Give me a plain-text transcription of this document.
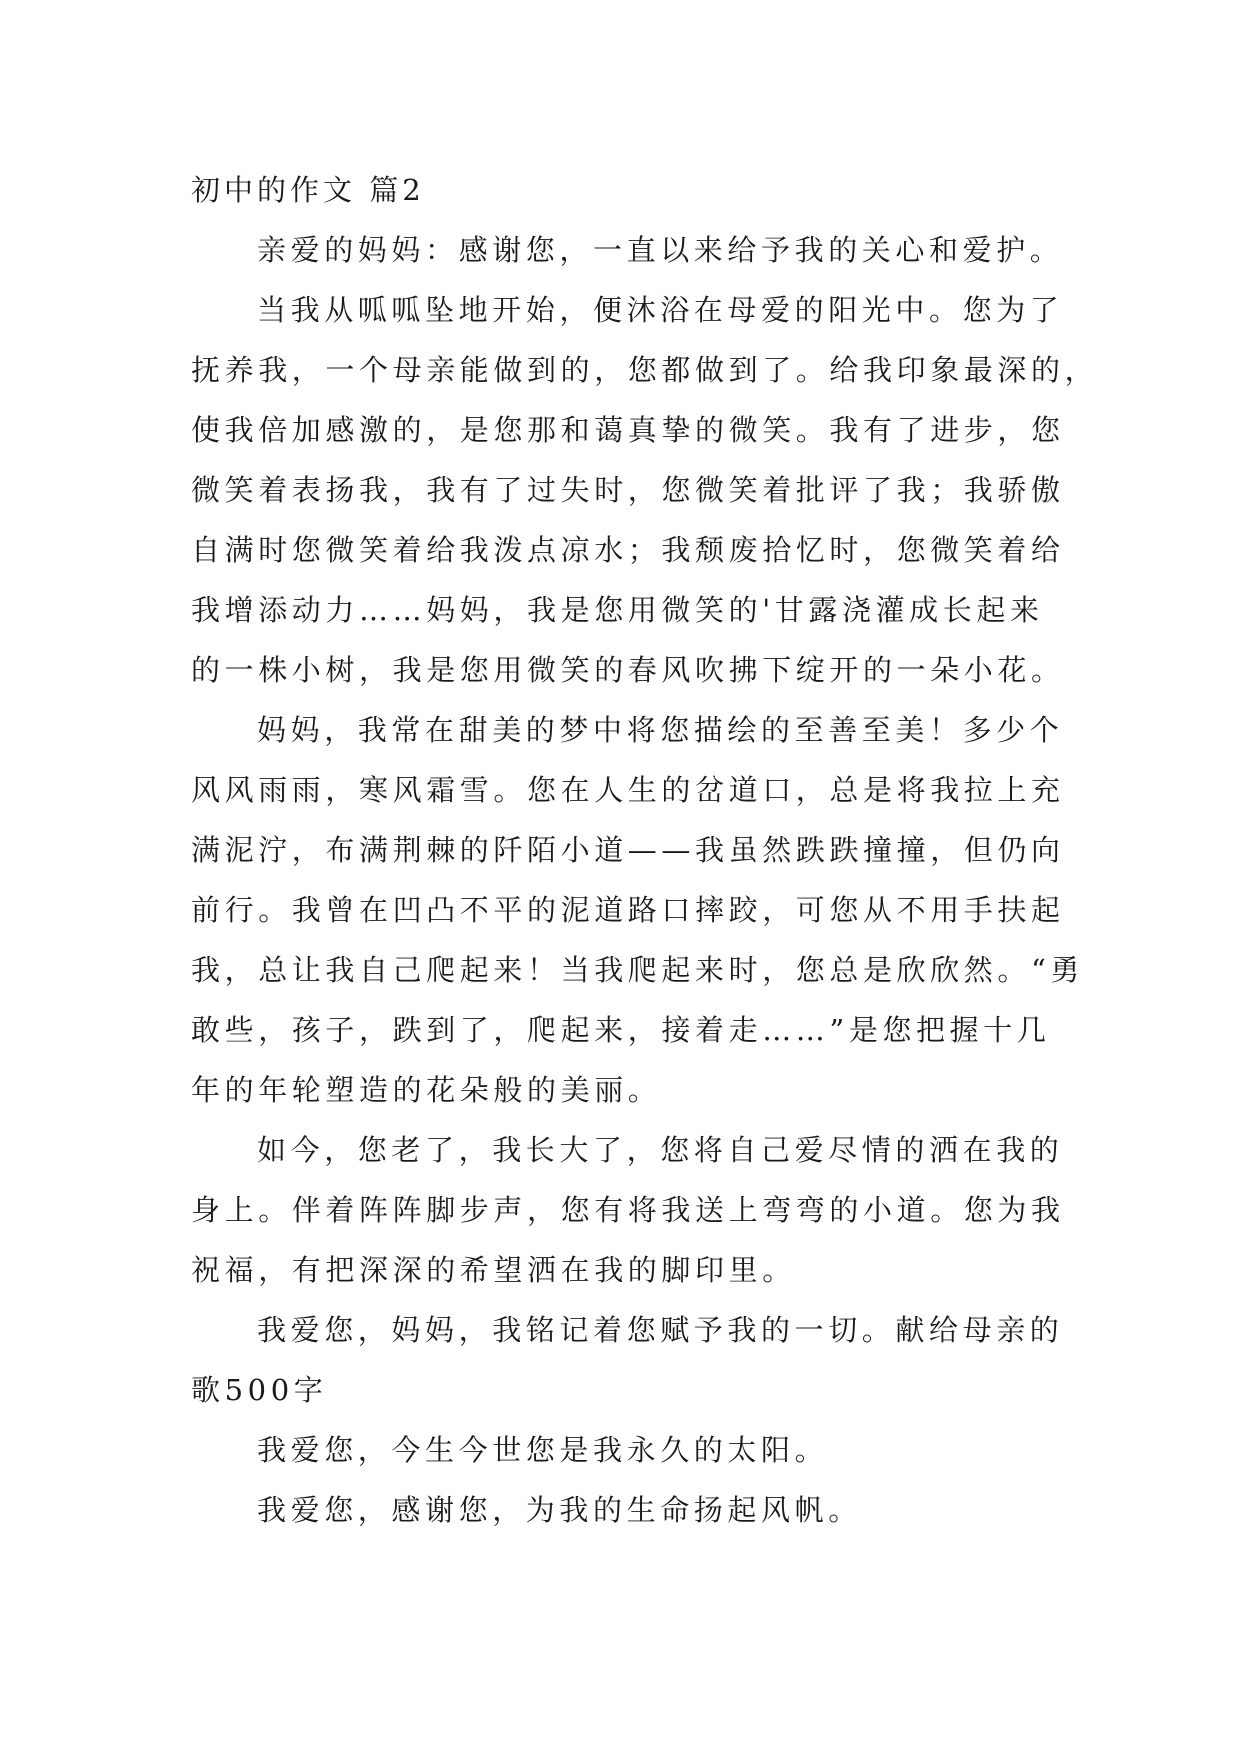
初中的作文 篇2
亲爱的妈妈：感谢您，一直以来给予我的关心和爱护。
当我从呱呱坠地开始，便沐浴在母爱的阳光中。您为了
抚养我，一个母亲能做到的，您都做到了。给我印象最深的，
使我倍加感激的，是您那和蔼真挚的微笑。我有了进步，您
微笑着表扬我，我有了过失时，您微笑着批评了我；我骄傲
自满时您微笑着给我泼点凉水；我颓废拾忆时，您微笑着给
我增添动力……妈妈，我是您用微笑的'甘露浇灌成长起来
的一株小树，我是您用微笑的春风吹拂下绽开的一朵小花。
妈妈，我常在甜美的梦中将您描绘的至善至美！多少个
风风雨雨，寒风霜雪。您在人生的岔道口，总是将我拉上充
满泥泞，布满荆棘的阡陌小道——我虽然跌跌撞撞，但仍向
前行。我曾在凹凸不平的泥道路口摔跤，可您从不用手扶起
我，总让我自己爬起来！当我爬起来时，您总是欣欣然。“勇
敢些，孩子，跌到了，爬起来，接着走……”是您把握十几
年的年轮塑造的花朵般的美丽。
如今，您老了，我长大了，您将自己爱尽情的洒在我的
身上。伴着阵阵脚步声，您有将我送上弯弯的小道。您为我
祝福，有把深深的希望洒在我的脚印里。
我爱您，妈妈，我铭记着您赋予我的一切。献给母亲的
歌500字
我爱您，今生今世您是我永久的太阳。
我爱您，感谢您，为我的生命扬起风帆。
